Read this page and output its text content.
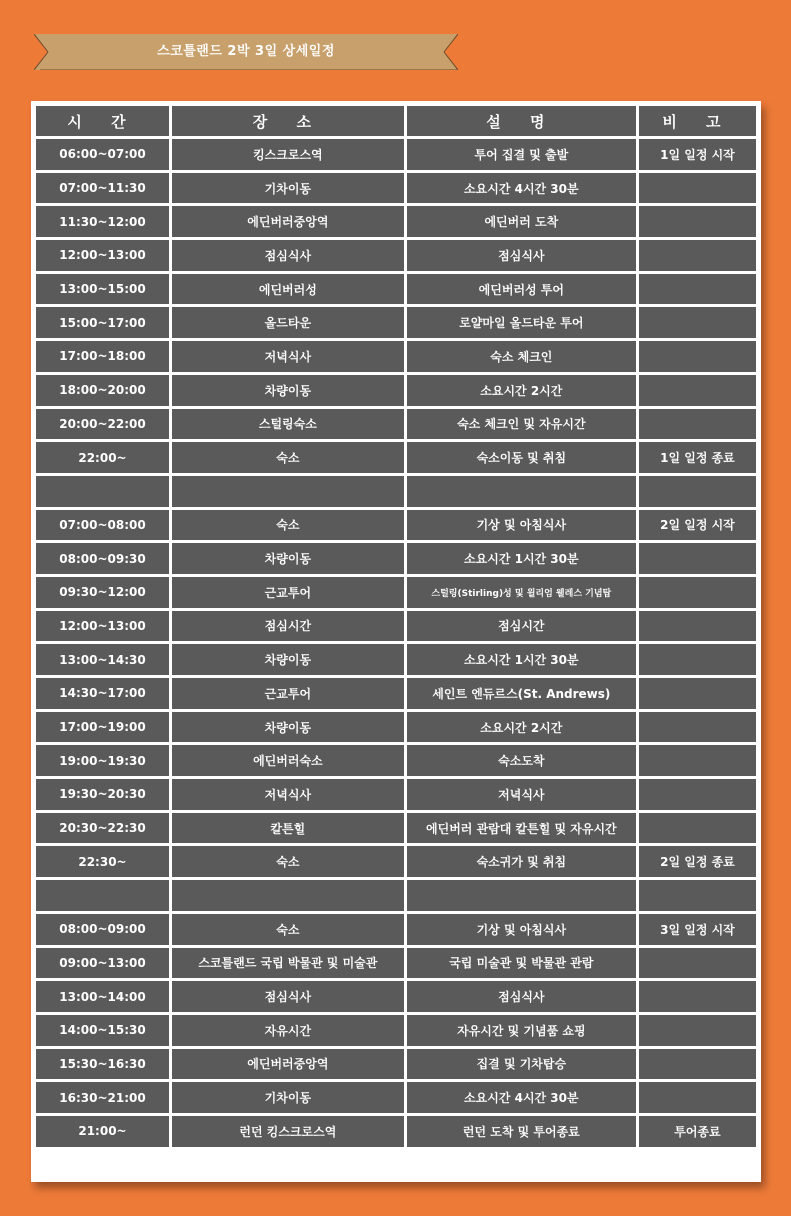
스코틀랜드 2박 3일 상세일정
시 간	장 소	설 명	비 고
06:00~07:00	킹스크로스역	투어 집결 및 출발	1일 일정 시작
07:00~11:30	기차이동	소요시간 4시간 30분	
11:30~12:00	에딘버러중앙역	에딘버러 도착	
12:00~13:00	점심식사	점심식사	
13:00~15:00	에딘버러성	에딘버러성 투어	
15:00~17:00	올드타운	로얄마일 올드타운 투어	
17:00~18:00	저녁식사	숙소 체크인	
18:00~20:00	차량이동	소요시간 2시간	
20:00~22:00	스털링숙소	숙소 체크인 및 자유시간	
22:00~	숙소	숙소이동 및 취침	1일 일정 종료

07:00~08:00	숙소	기상 및 아침식사	2일 일정 시작
08:00~09:30	차량이동	소요시간 1시간 30분	
09:30~12:00	근교투어	스털링(Stirling)성 및 윌리엄 웰레스 기념탑	
12:00~13:00	점심시간	점심시간	
13:00~14:30	차량이동	소요시간 1시간 30분	
14:30~17:00	근교투어	세인트 엔듀르스(St. Andrews)	
17:00~19:00	차량이동	소요시간 2시간	
19:00~19:30	에딘버러숙소	숙소도착	
19:30~20:30	저녁식사	저녁식사	
20:30~22:30	칼튼힐	에딘버러 관람대 칼튼힐 및 자유시간	
22:30~	숙소	숙소귀가 및 취침	2일 일정 종료

08:00~09:00	숙소	기상 및 아침식사	3일 일정 시작
09:00~13:00	스코틀랜드 국립 박물관 및 미술관	국립 미술관 및 박물관 관람	
13:00~14:00	점심식사	점심식사	
14:00~15:30	자유시간	자유시간 및 기념품 쇼핑	
15:30~16:30	에딘버러중앙역	집결 및 기차탑승	
16:30~21:00	기차이동	소요시간 4시간 30분	
21:00~	런던 킹스크로스역	런던 도착 및 투어종료	투어종료
